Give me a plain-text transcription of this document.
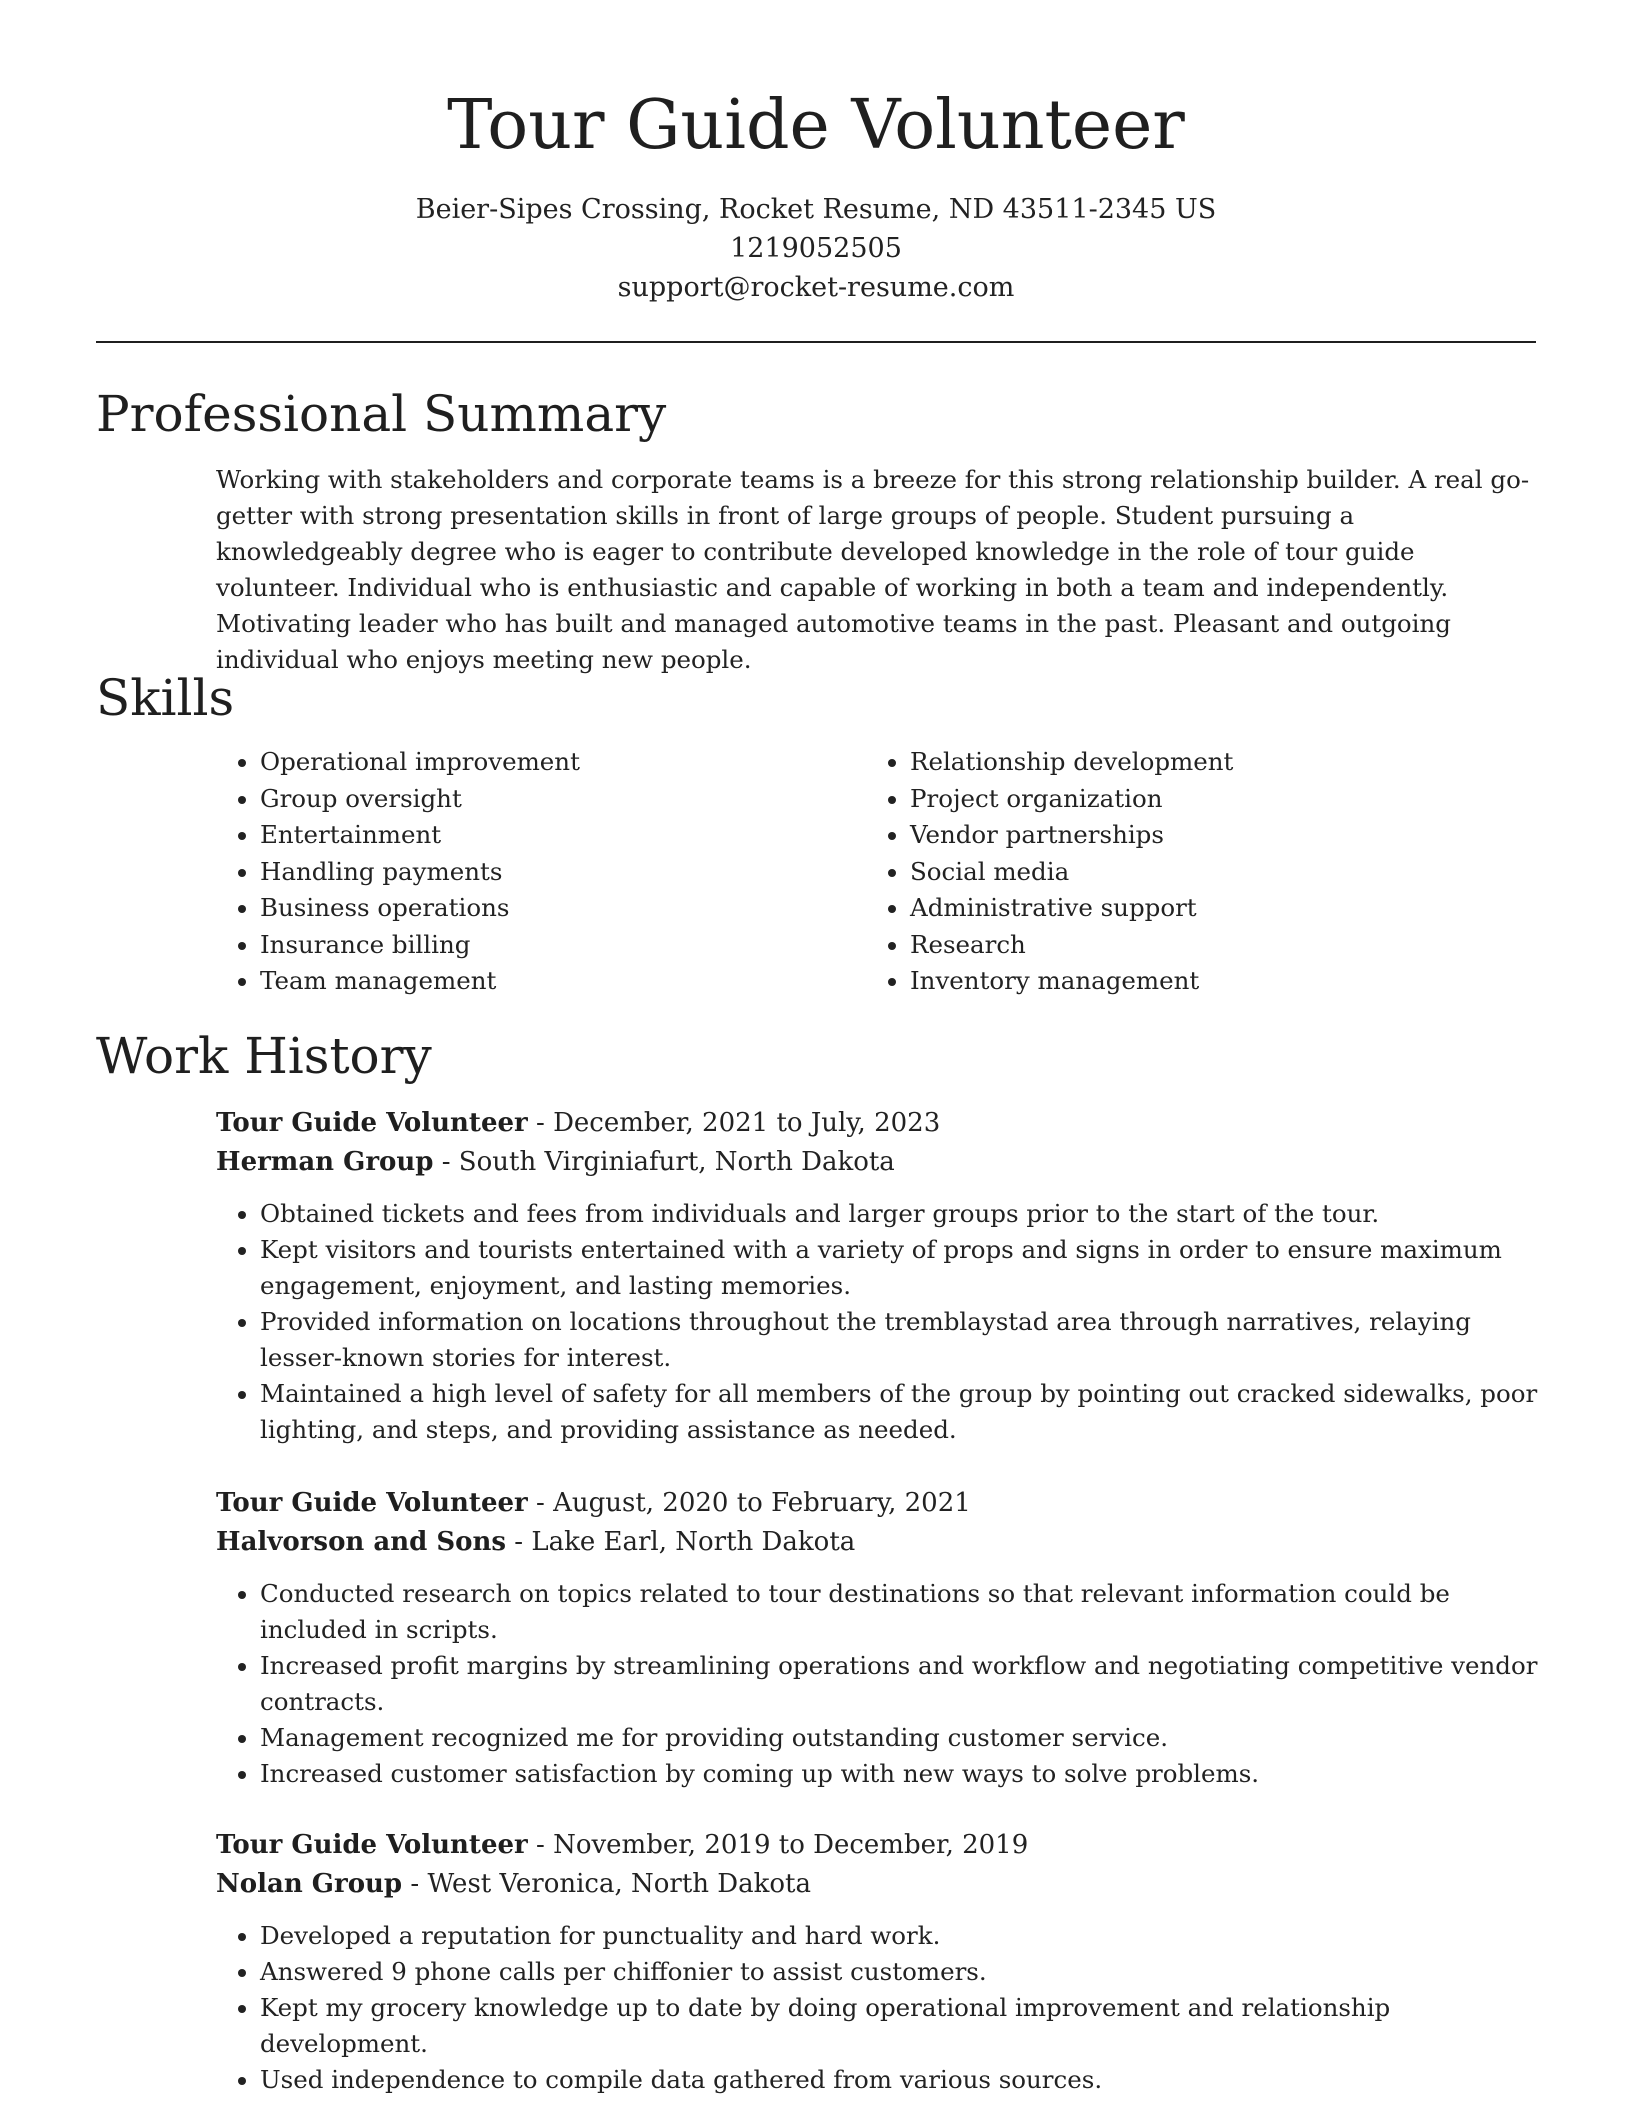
Tour Guide Volunteer
Beier-Sipes Crossing, Rocket Resume, ND 43511-2345 US
1219052505
support@rocket-resume.com
Professional Summary

Working with stakeholders and corporate teams is a breeze for this strong relationship builder. A real go-getter with strong presentation skills in front of large groups of people. Student pursuing a knowledgeably degree who is eager to contribute developed knowledge in the role of tour guide volunteer. Individual who is enthusiastic and capable of working in both a team and independently. Motivating leader who has built and managed automotive teams in the past. Pleasant and outgoing individual who enjoys meeting new people.

Skills
• Operational improvement
• Group oversight
• Entertainment
• Handling payments
• Business operations
• Insurance billing
• Team management
• Relationship development
• Project organization
• Vendor partnerships
• Social media
• Administrative support
• Research
• Inventory management
Work History
Tour Guide Volunteer - December, 2021 to July, 2023
Herman Group - South Virginiafurt, North Dakota
• Obtained tickets and fees from individuals and larger groups prior to the start of the tour.
• Kept visitors and tourists entertained with a variety of props and signs in order to ensure maximum engagement, enjoyment, and lasting memories.
• Provided information on locations throughout the tremblaystad area through narratives, relaying lesser-known stories for interest.
• Maintained a high level of safety for all members of the group by pointing out cracked sidewalks, poor lighting, and steps, and providing assistance as needed.
Tour Guide Volunteer - August, 2020 to February, 2021
Halvorson and Sons - Lake Earl, North Dakota
• Conducted research on topics related to tour destinations so that relevant information could be included in scripts.
• Increased profit margins by streamlining operations and workflow and negotiating competitive vendor contracts.
• Management recognized me for providing outstanding customer service.
• Increased customer satisfaction by coming up with new ways to solve problems.
Tour Guide Volunteer - November, 2019 to December, 2019
Nolan Group - West Veronica, North Dakota
• Developed a reputation for punctuality and hard work.
• Answered 9 phone calls per chiffonier to assist customers.
• Kept my grocery knowledge up to date by doing operational improvement and relationship development.
• Used independence to compile data gathered from various sources.
